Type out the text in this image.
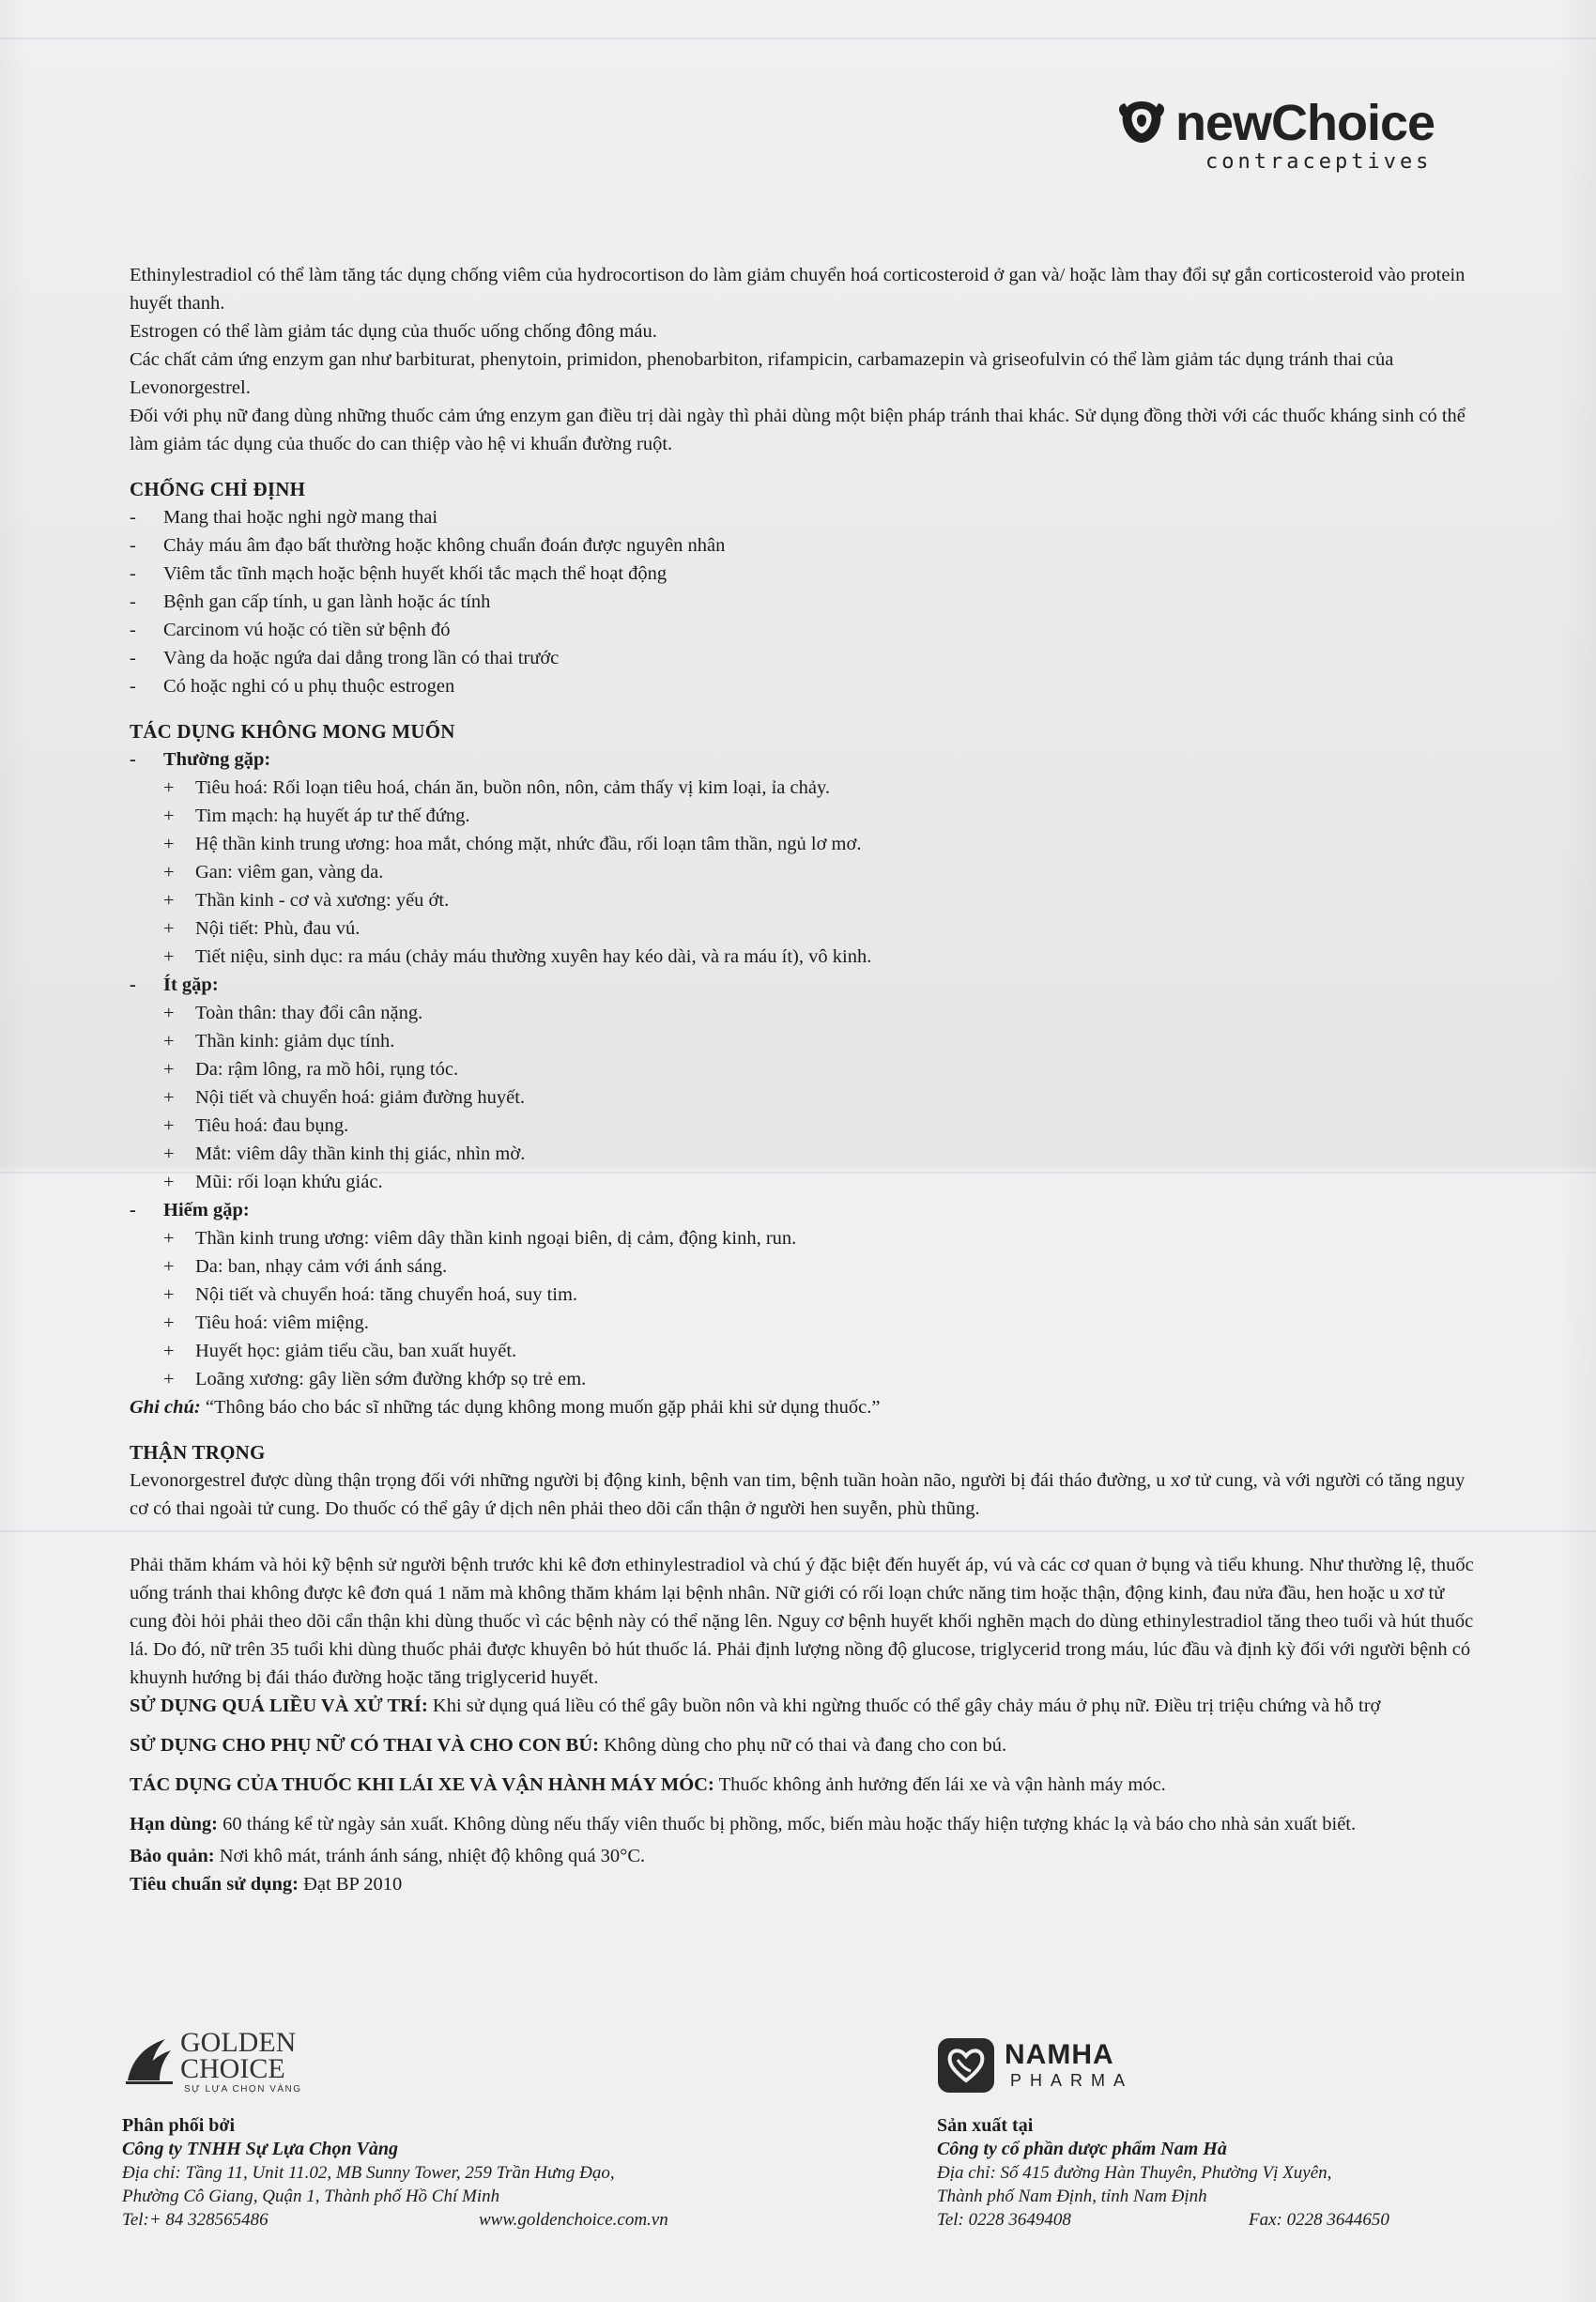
newChoice
contraceptives

Ethinylestradiol có thể làm tăng tác dụng chống viêm của hydrocortison do làm giảm chuyển hoá corticosteroid ở gan và/ hoặc làm thay đổi sự gắn corticosteroid vào protein huyết thanh.

Estrogen có thể làm giảm tác dụng của thuốc uống chống đông máu.

Các chất cảm ứng enzym gan như barbiturat, phenytoin, primidon, phenobarbiton, rifampicin, carbamazepin và griseofulvin có thể làm giảm tác dụng tránh thai của Levonorgestrel.

Đối với phụ nữ đang dùng những thuốc cảm ứng enzym gan điều trị dài ngày thì phải dùng một biện pháp tránh thai khác. Sử dụng đồng thời với các thuốc kháng sinh có thể làm giảm tác dụng của thuốc do can thiệp vào hệ vi khuẩn đường ruột.

CHỐNG CHỈ ĐỊNH

- Mang thai hoặc nghi ngờ mang thai

- Chảy máu âm đạo bất thường hoặc không chuẩn đoán được nguyên nhân

- Viêm tắc tĩnh mạch hoặc bệnh huyết khối tắc mạch thể hoạt động

- Bệnh gan cấp tính, u gan lành hoặc ác tính

- Carcinom vú hoặc có tiền sử bệnh đó

- Vàng da hoặc ngứa dai dẳng trong lần có thai trước

- Có hoặc nghi có u phụ thuộc estrogen

TÁC DỤNG KHÔNG MONG MUỐN

- Thường gặp:

+ Tiêu hoá: Rối loạn tiêu hoá, chán ăn, buồn nôn, nôn, cảm thấy vị kim loại, ỉa chảy.

+ Tim mạch: hạ huyết áp tư thế đứng.

+ Hệ thần kinh trung ương: hoa mắt, chóng mặt, nhức đầu, rối loạn tâm thần, ngủ lơ mơ.

+ Gan: viêm gan, vàng da.

+ Thần kinh - cơ và xương: yếu ớt.

+ Nội tiết: Phù, đau vú.

+ Tiết niệu, sinh dục: ra máu (chảy máu thường xuyên hay kéo dài, và ra máu ít), vô kinh.

- Ít gặp:

+ Toàn thân: thay đổi cân nặng.

+ Thần kinh: giảm dục tính.

+ Da: rậm lông, ra mồ hôi, rụng tóc.

+ Nội tiết và chuyển hoá: giảm đường huyết.

+ Tiêu hoá: đau bụng.

+ Mắt: viêm dây thần kinh thị giác, nhìn mờ.

+ Mũi: rối loạn khứu giác.

- Hiếm gặp:

+ Thần kinh trung ương: viêm dây thần kinh ngoại biên, dị cảm, động kinh, run.

+ Da: ban, nhạy cảm với ánh sáng.

+ Nội tiết và chuyển hoá: tăng chuyển hoá, suy tim.

+ Tiêu hoá: viêm miệng.

+ Huyết học: giảm tiểu cầu, ban xuất huyết.

+ Loãng xương: gây liền sớm đường khớp sọ trẻ em.

Ghi chú: “Thông báo cho bác sĩ những tác dụng không mong muốn gặp phải khi sử dụng thuốc.”

THẬN TRỌNG

Levonorgestrel được dùng thận trọng đối với những người bị động kinh, bệnh van tim, bệnh tuần hoàn não, người bị đái tháo đường, u xơ tử cung, và với người có tăng nguy cơ có thai ngoài tử cung. Do thuốc có thể gây ứ dịch nên phải theo dõi cẩn thận ở người hen suyễn, phù thũng.

Phải thăm khám và hỏi kỹ bệnh sử người bệnh trước khi kê đơn ethinylestradiol và chú ý đặc biệt đến huyết áp, vú và các cơ quan ở bụng và tiểu khung. Như thường lệ, thuốc uống tránh thai không được kê đơn quá 1 năm mà không thăm khám lại bệnh nhân. Nữ giới có rối loạn chức năng tim hoặc thận, động kinh, đau nửa đầu, hen hoặc u xơ tử cung đòi hỏi phải theo dõi cẩn thận khi dùng thuốc vì các bệnh này có thể nặng lên. Nguy cơ bệnh huyết khối nghẽn mạch do dùng ethinylestradiol tăng theo tuổi và hút thuốc lá. Do đó, nữ trên 35 tuổi khi dùng thuốc phải được khuyên bỏ hút thuốc lá. Phải định lượng nồng độ glucose, triglycerid trong máu, lúc đầu và định kỳ đối với người bệnh có khuynh hướng bị đái tháo đường hoặc tăng triglycerid huyết.

SỬ DỤNG QUÁ LIỀU VÀ XỬ TRÍ: Khi sử dụng quá liều có thể gây buồn nôn và khi ngừng thuốc có thể gây chảy máu ở phụ nữ. Điều trị triệu chứng và hỗ trợ

SỬ DỤNG CHO PHỤ NỮ CÓ THAI VÀ CHO CON BÚ: Không dùng cho phụ nữ có thai và đang cho con bú.

TÁC DỤNG CỦA THUỐC KHI LÁI XE VÀ VẬN HÀNH MÁY MÓC: Thuốc không ảnh hưởng đến lái xe và vận hành máy móc.

Hạn dùng: 60 tháng kể từ ngày sản xuất. Không dùng nếu thấy viên thuốc bị phồng, mốc, biến màu hoặc thấy hiện tượng khác lạ và báo cho nhà sản xuất biết.

Bảo quản: Nơi khô mát, tránh ánh sáng, nhiệt độ không quá 30°C.

Tiêu chuẩn sử dụng: Đạt BP 2010

GOLDEN
CHOICE
SỰ LỰA CHỌN VÀNG
NAMHA
PHARMA
Phân phối bởi
Công ty TNHH Sự Lựa Chọn Vàng
Địa chỉ: Tầng 11, Unit 11.02, MB Sunny Tower, 259 Trần Hưng Đạo,
Phường Cô Giang, Quận 1, Thành phố Hồ Chí Minh
Tel:+ 84 328565486	www.goldenchoice.com.vn
Sản xuất tại
Công ty cổ phần dược phẩm Nam Hà
Địa chỉ: Số 415 đường Hàn Thuyên, Phường Vị Xuyên,
Thành phố Nam Định, tỉnh Nam Định
Tel: 0228 3649408	Fax: 0228 3644650
